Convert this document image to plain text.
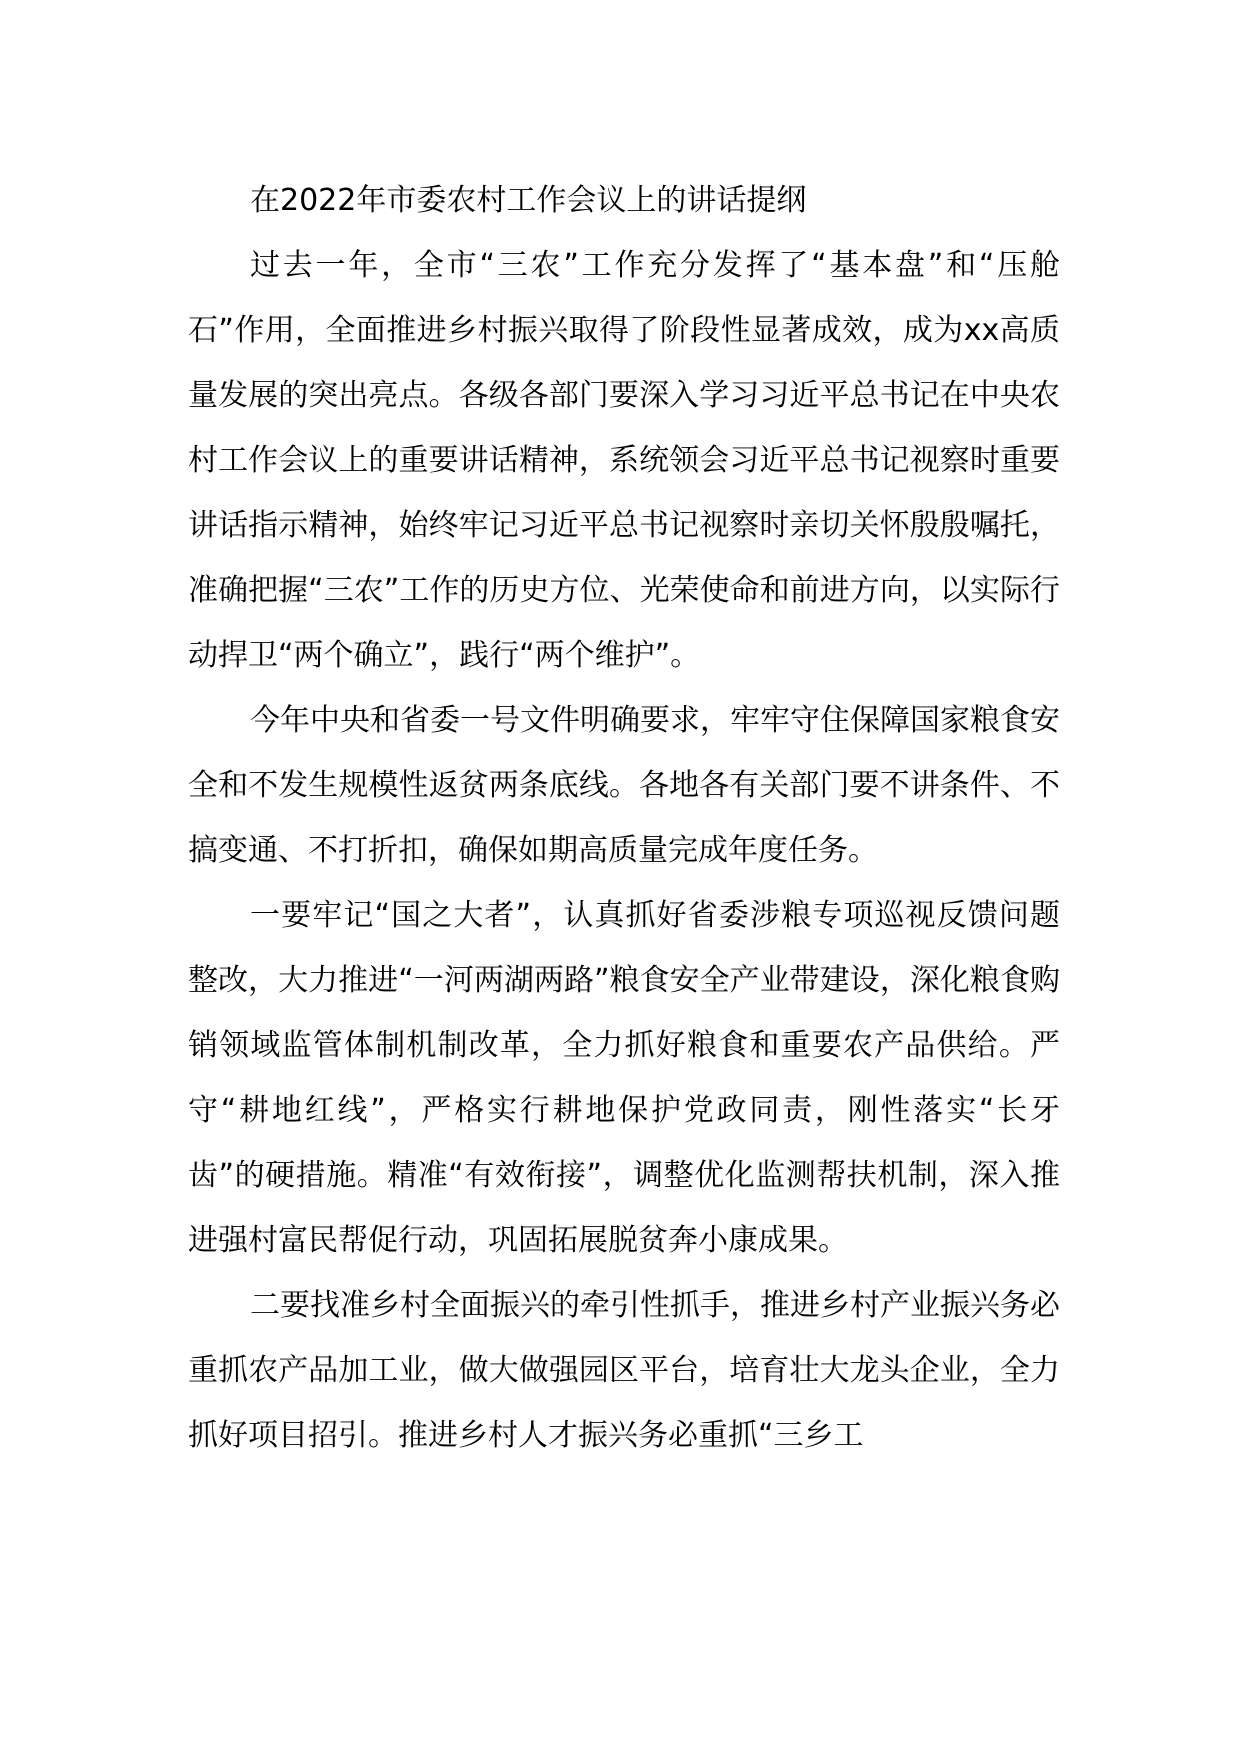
在2022年市委农村工作会议上的讲话提纲

过去一年，全市“三农”工作充分发挥了“基本盘”和“压舱石”作用，全面推进乡村振兴取得了阶段性显著成效，成为xx高质量发展的突出亮点。各级各部门要深入学习习近平总书记在中央农村工作会议上的重要讲话精神，系统领会习近平总书记视察时重要讲话指示精神，始终牢记习近平总书记视察时亲切关怀殷殷嘱托，准确把握“三农”工作的历史方位、光荣使命和前进方向，以实际行动捍卫“两个确立”，践行“两个维护”。

今年中央和省委一号文件明确要求，牢牢守住保障国家粮食安全和不发生规模性返贫两条底线。各地各有关部门要不讲条件、不搞变通、不打折扣，确保如期高质量完成年度任务。

一要牢记“国之大者”，认真抓好省委涉粮专项巡视反馈问题整改，大力推进“一河两湖两路”粮食安全产业带建设，深化粮食购销领域监管体制机制改革，全力抓好粮食和重要农产品供给。严守“耕地红线”，严格实行耕地保护党政同责，刚性落实“长牙齿”的硬措施。精准“有效衔接”，调整优化监测帮扶机制，深入推进强村富民帮促行动，巩固拓展脱贫奔小康成果。

二要找准乡村全面振兴的牵引性抓手，推进乡村产业振兴务必重抓农产品加工业，做大做强园区平台，培育壮大龙头企业，全力抓好项目招引。推进乡村人才振兴务必重抓“三乡工
